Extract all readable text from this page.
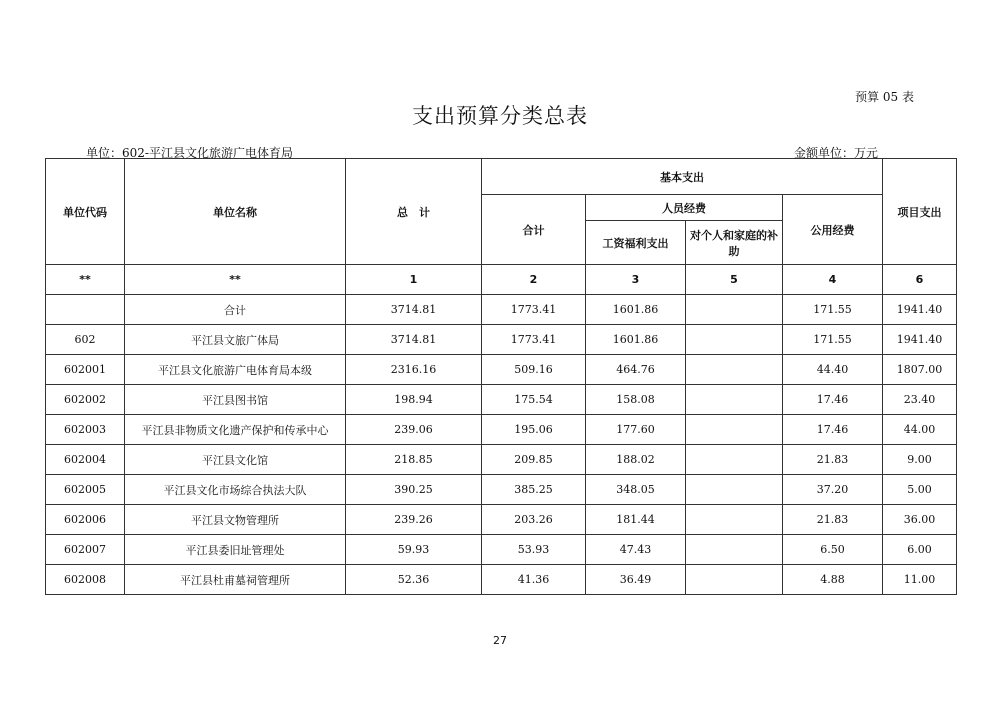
预算 05 表
支出预算分类总表
单位：602-平江县文化旅游广电体育局	金额单位：万元
单位代码	单位名称	总　计	基本支出				项目支出
			合计	人员经费		公用经费	
				工资福利支出	对个人和家庭的补助		
**	**	1	2	3	5	4	6
	合计	3714.81	1773.41	1601.86		171.55	1941.40
602	平江县文旅广体局	3714.81	1773.41	1601.86		171.55	1941.40
602001	平江县文化旅游广电体育局本级	2316.16	509.16	464.76		44.40	1807.00
602002	平江县图书馆	198.94	175.54	158.08		17.46	23.40
602003	平江县非物质文化遗产保护和传承中心	239.06	195.06	177.60		17.46	44.00
602004	平江县文化馆	218.85	209.85	188.02		21.83	9.00
602005	平江县文化市场综合执法大队	390.25	385.25	348.05		37.20	5.00
602006	平江县文物管理所	239.26	203.26	181.44		21.83	36.00
602007	平江县委旧址管理处	59.93	53.93	47.43		6.50	6.00
602008	平江县杜甫墓祠管理所	52.36	41.36	36.49		4.88	11.00
27
